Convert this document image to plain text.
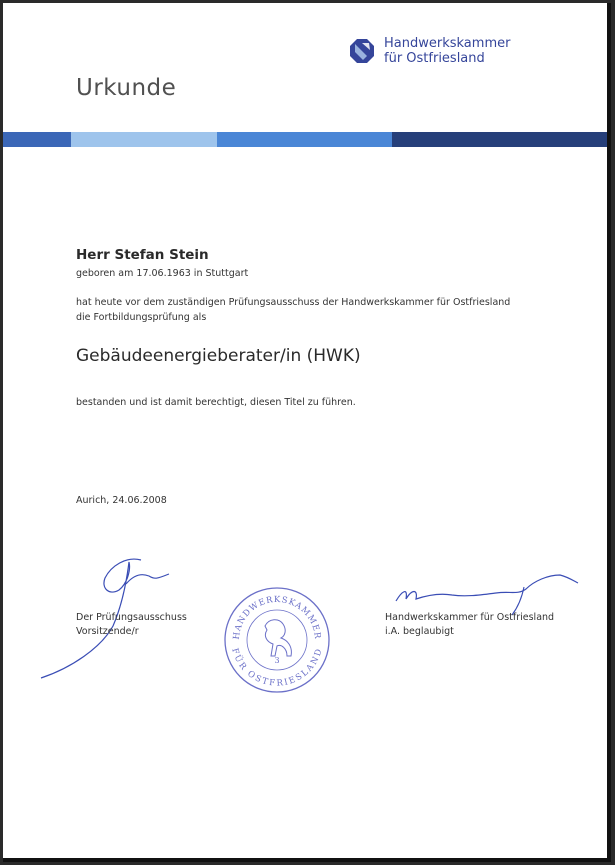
Handwerkskammer
für Ostfriesland
Urkunde
Herr Stefan Stein
geboren am 17.06.1963 in Stuttgart
hat heute vor dem zuständigen Prüfungsausschuss der Handwerkskammer für Ostfriesland
die Fortbildungsprüfung als
Gebäudeenergieberater/in (HWK)
bestanden und ist damit berechtigt, diesen Titel zu führen.
Aurich, 24.06.2008
Der Prüfungsausschuss
Vorsitzende/r	HANDWERKSKAMMER
FÜR OSTFRIESLAND
3
Handwerkskammer für Ostfriesland
i.A. beglaubigt
